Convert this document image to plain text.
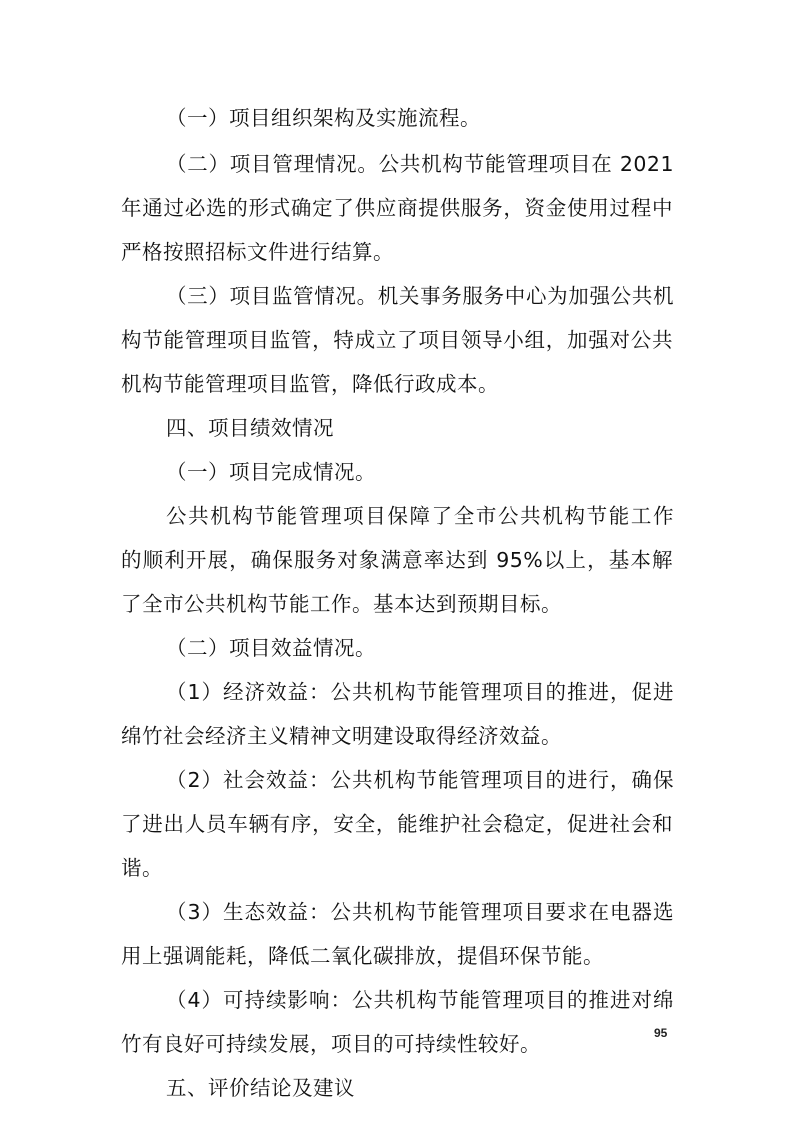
（一）项目组织架构及实施流程。
（二）项目管理情况。公共机构节能管理项目在 2021
年通过必选的形式确定了供应商提供服务，资金使用过程中
严格按照招标文件进行结算。
（三）项目监管情况。机关事务服务中心为加强公共机
构节能管理项目监管，特成立了项目领导小组，加强对公共
机构节能管理项目监管，降低行政成本。
四、项目绩效情况
（一）项目完成情况。
公共机构节能管理项目保障了全市公共机构节能工作
的顺利开展，确保服务对象满意率达到 95%以上，基本解
了全市公共机构节能工作。基本达到预期目标。
（二）项目效益情况。
（1）经济效益：公共机构节能管理项目的推进，促进
绵竹社会经济主义精神文明建设取得经济效益。
（2）社会效益：公共机构节能管理项目的进行，确保
了进出人员车辆有序，安全，能维护社会稳定，促进社会和
谐。
（3）生态效益：公共机构节能管理项目要求在电器选
用上强调能耗，降低二氧化碳排放，提倡环保节能。
（4）可持续影响：公共机构节能管理项目的推进对绵
竹有良好可持续发展，项目的可持续性较好。
五、评价结论及建议
95
